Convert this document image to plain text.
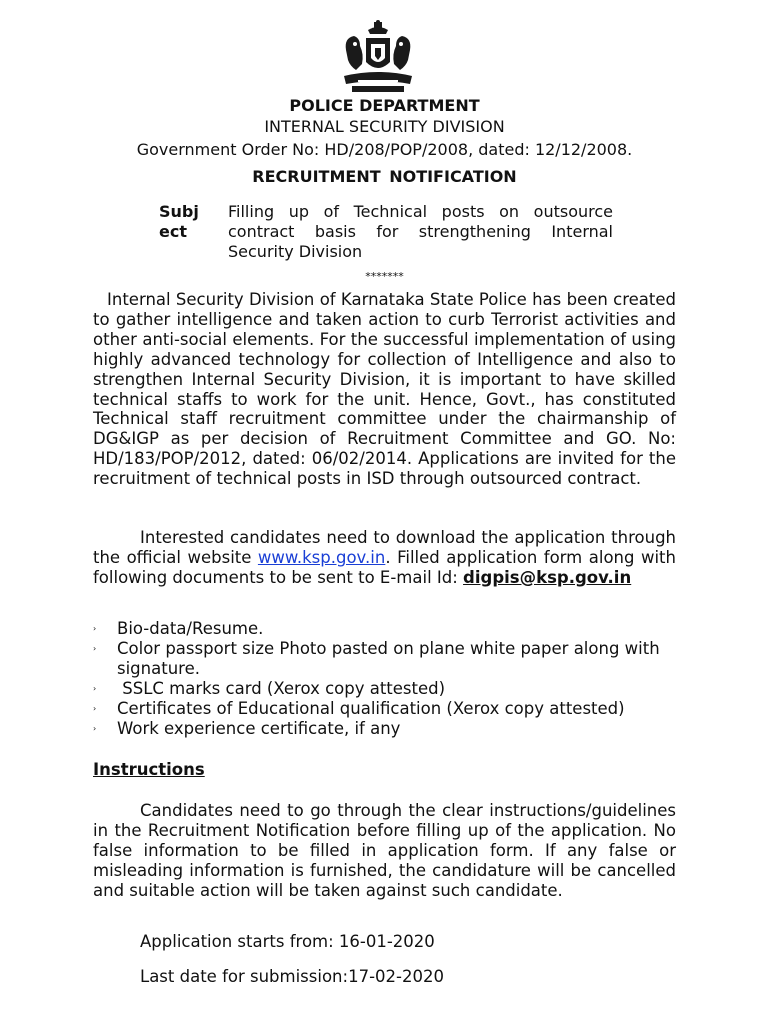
POLICE DEPARTMENT
INTERNAL SECURITY DIVISION
Government Order No: HD/208/POP/2008, dated: 12/12/2008.
RECRUITMENT NOTIFICATION
Subj ect
Filling up of Technical posts on outsource contract basis for strengthening Internal Security Division
*******
Internal Security Division of Karnataka State Police has been created to gather intelligence and taken action to curb Terrorist activities and other anti-social elements. For the successful implementation of using highly advanced technology for collection of Intelligence and also to strengthen Internal Security Division, it is important to have skilled technical staffs to work for the unit. Hence, Govt., has constituted Technical staff recruitment committee under the chairmanship of DG&IGP as per decision of Recruitment Committee and GO. No: HD/183/POP/2012, dated: 06/02/2014. Applications are invited for the recruitment of technical posts in ISD through outsourced contract.
Interested candidates need to download the application through the official website www.ksp.gov.in. Filled application form along with following documents to be sent to E-mail Id: digpis@ksp.gov.in
› Bio-data/Resume.
› Color passport size Photo pasted on plane white paper along with signature.
› SSLC marks card (Xerox copy attested)
› Certificates of Educational qualification (Xerox copy attested)
› Work experience certificate, if any
Instructions
Candidates need to go through the clear instructions/guidelines in the Recruitment Notification before filling up of the application. No false information to be filled in application form. If any false or misleading information is furnished, the candidature will be cancelled and suitable action will be taken against such candidate.
Application starts from: 16-01-2020
Last date for submission:17-02-2020
